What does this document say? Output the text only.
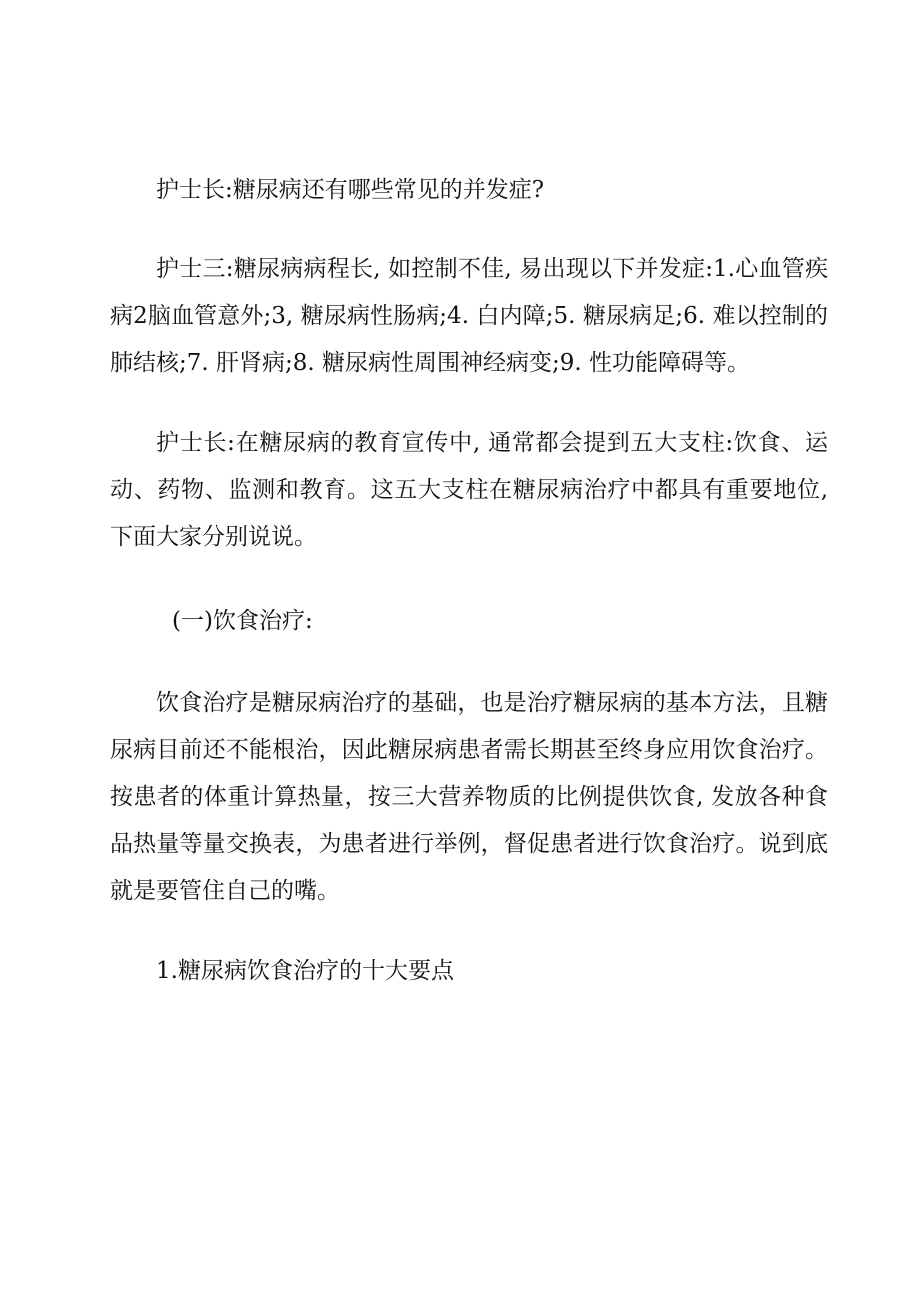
护士长:糖尿病还有哪些常见的并发症?

护士三:糖尿病病程长, 如控制不佳, 易出现以下并发症:1.心血管疾病2脑血管意外;3, 糖尿病性肠病;4. 白内障;5. 糖尿病足;6. 难以控制的肺结核;7. 肝肾病;8. 糖尿病性周围神经病变;9. 性功能障碍等。

护士长:在糖尿病的教育宣传中, 通常都会提到五大支柱:饮食、运动、药物、监测和教育。这五大支柱在糖尿病治疗中都具有重要地位, 下面大家分别说说。

(一)饮食治疗:

饮食治疗是糖尿病治疗的基础，也是治疗糖尿病的基本方法，且糖尿病目前还不能根治，因此糖尿病患者需长期甚至终身应用饮食治疗。按患者的体重计算热量，按三大营养物质的比例提供饮食, 发放各种食品热量等量交换表，为患者进行举例，督促患者进行饮食治疗。说到底就是要管住自己的嘴。

1.糖尿病饮食治疗的十大要点
